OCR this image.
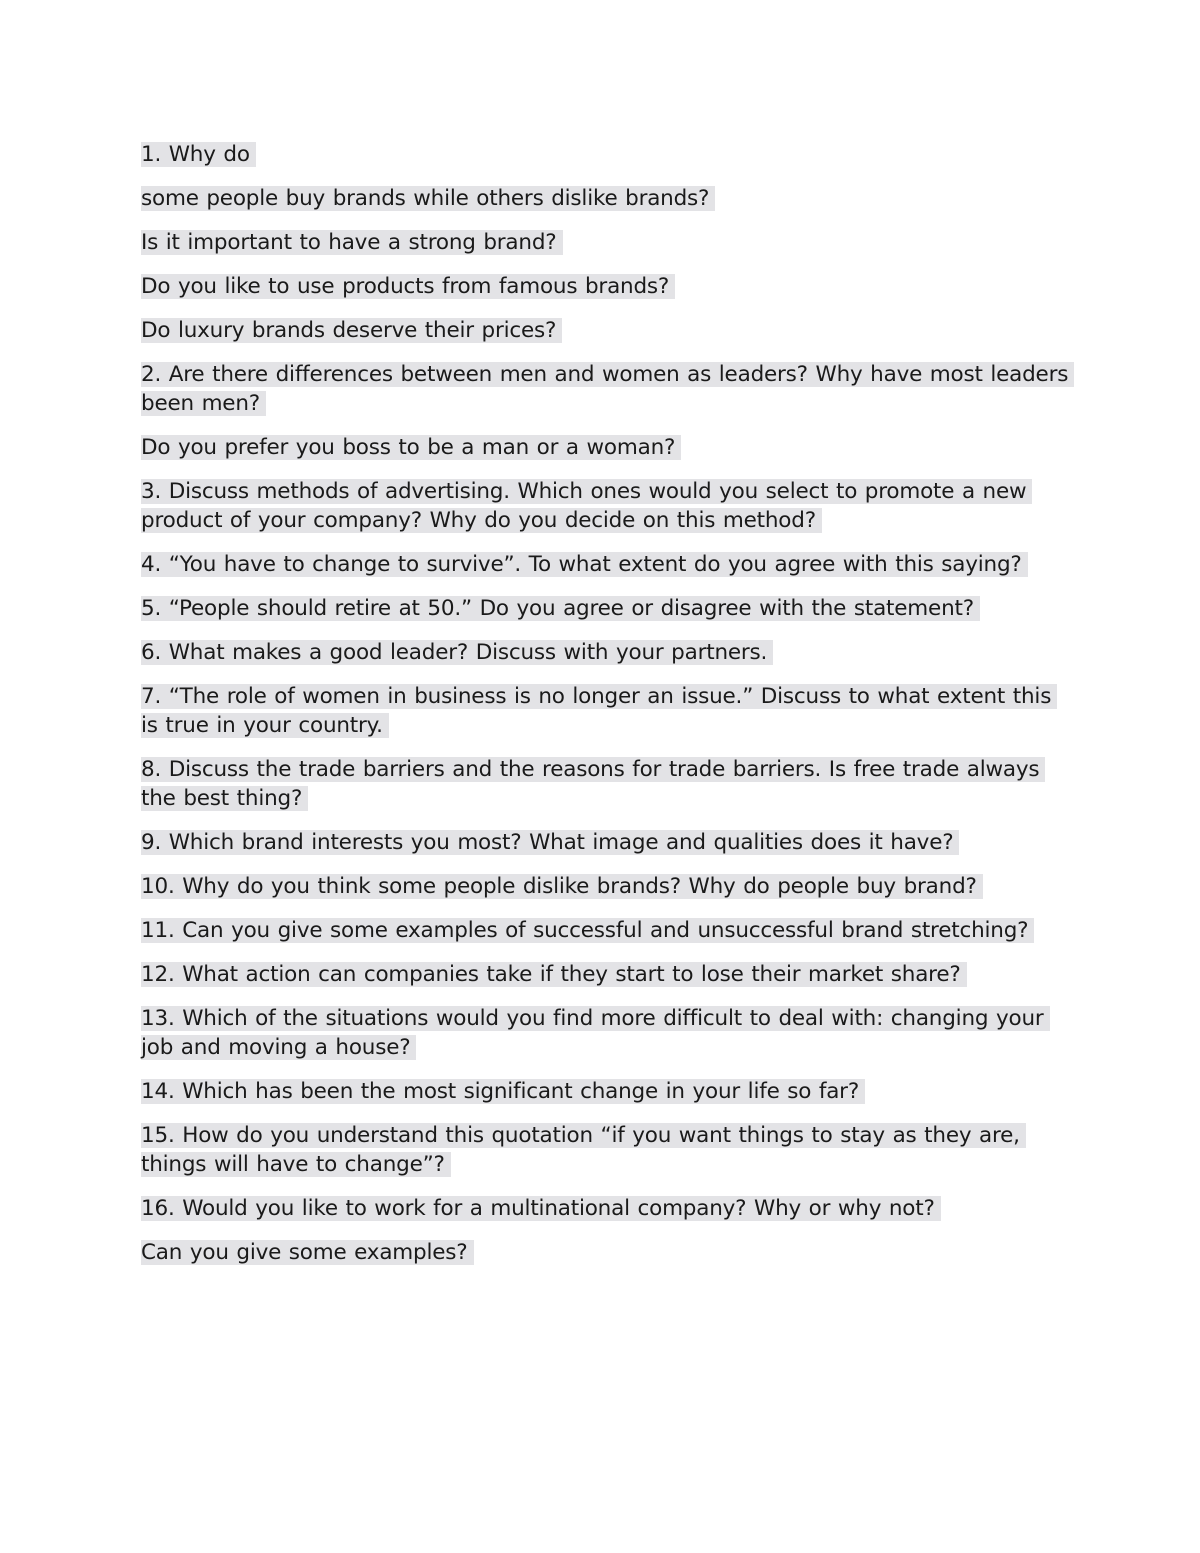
1. Why do

some people buy brands while others dislike brands?

Is it important to have a strong brand?

Do you like to use products from famous brands?

Do luxury brands deserve their prices?

2. Are there differences between men and women as leaders? Why have most leaders been men?

Do you prefer you boss to be a man or a woman?

3. Discuss methods of advertising. Which ones would you select to promote a new product of your company? Why do you decide on this method?

4. “You have to change to survive”. To what extent do you agree with this saying?

5. “People should retire at 50.” Do you agree or disagree with the statement?

6. What makes a good leader? Discuss with your partners.

7. “The role of women in business is no longer an issue.” Discuss to what extent this is true in your country.

8. Discuss the trade barriers and the reasons for trade barriers. Is free trade always the best thing?

9. Which brand interests you most? What image and qualities does it have?

10. Why do you think some people dislike brands? Why do people buy brand?

11. Can you give some examples of successful and unsuccessful brand stretching?

12. What action can companies take if they start to lose their market share?

13. Which of the situations would you find more difficult to deal with: changing your job and moving a house?

14. Which has been the most significant change in your life so far?

15. How do you understand this quotation “if you want things to stay as they are, things will have to change”?

16. Would you like to work for a multinational company? Why or why not?

Can you give some examples?
